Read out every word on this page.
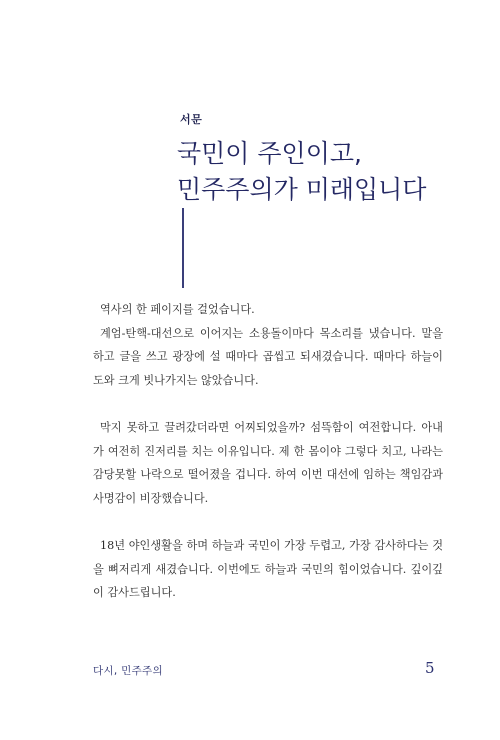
서문
국민이 주인이고,
민주주의가 미래입니다

역사의 한 페이지를 걸었습니다.

계엄-탄핵-대선으로 이어지는 소용돌이마다 목소리를 냈습니다. 말을 하고 글을 쓰고 광장에 설 때마다 곱씹고 되새겼습니다. 때마다 하늘이 도와 크게 빗나가지는 않았습니다.

막지 못하고 끌려갔더라면 어찌되었을까? 섬뜩함이 여전합니다. 아내가 여전히 진저리를 치는 이유입니다. 제 한 몸이야 그렇다 치고, 나라는 감당못할 나락으로 떨어졌을 겁니다. 하여 이번 대선에 임하는 책임감과 사명감이 비장했습니다.

18년 야인생활을 하며 하늘과 국민이 가장 두렵고, 가장 감사하다는 것을 뼈저리게 새겼습니다. 이번에도 하늘과 국민의 힘이었습니다. 깊이깊이 감사드립니다.

다시, 민주주의	5
